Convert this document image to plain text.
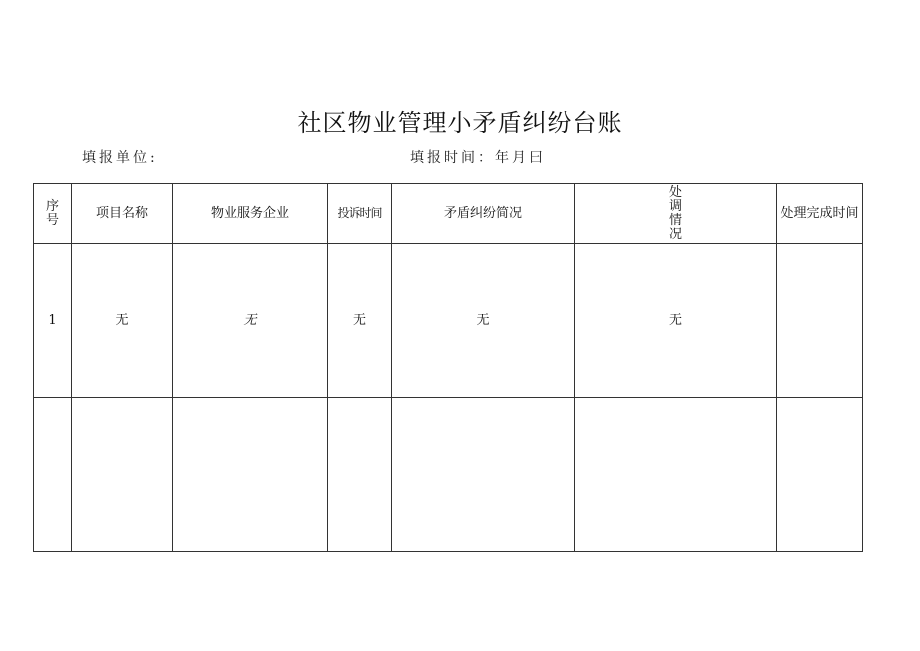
社区物业管理小矛盾纠纷台账
填报单位:	填报时间：年月曰
序号	项目名称	物业服务企业	投诉时间	矛盾纠纷简况	处调情况	处理完成时间
1	无	无	无	无	无	
